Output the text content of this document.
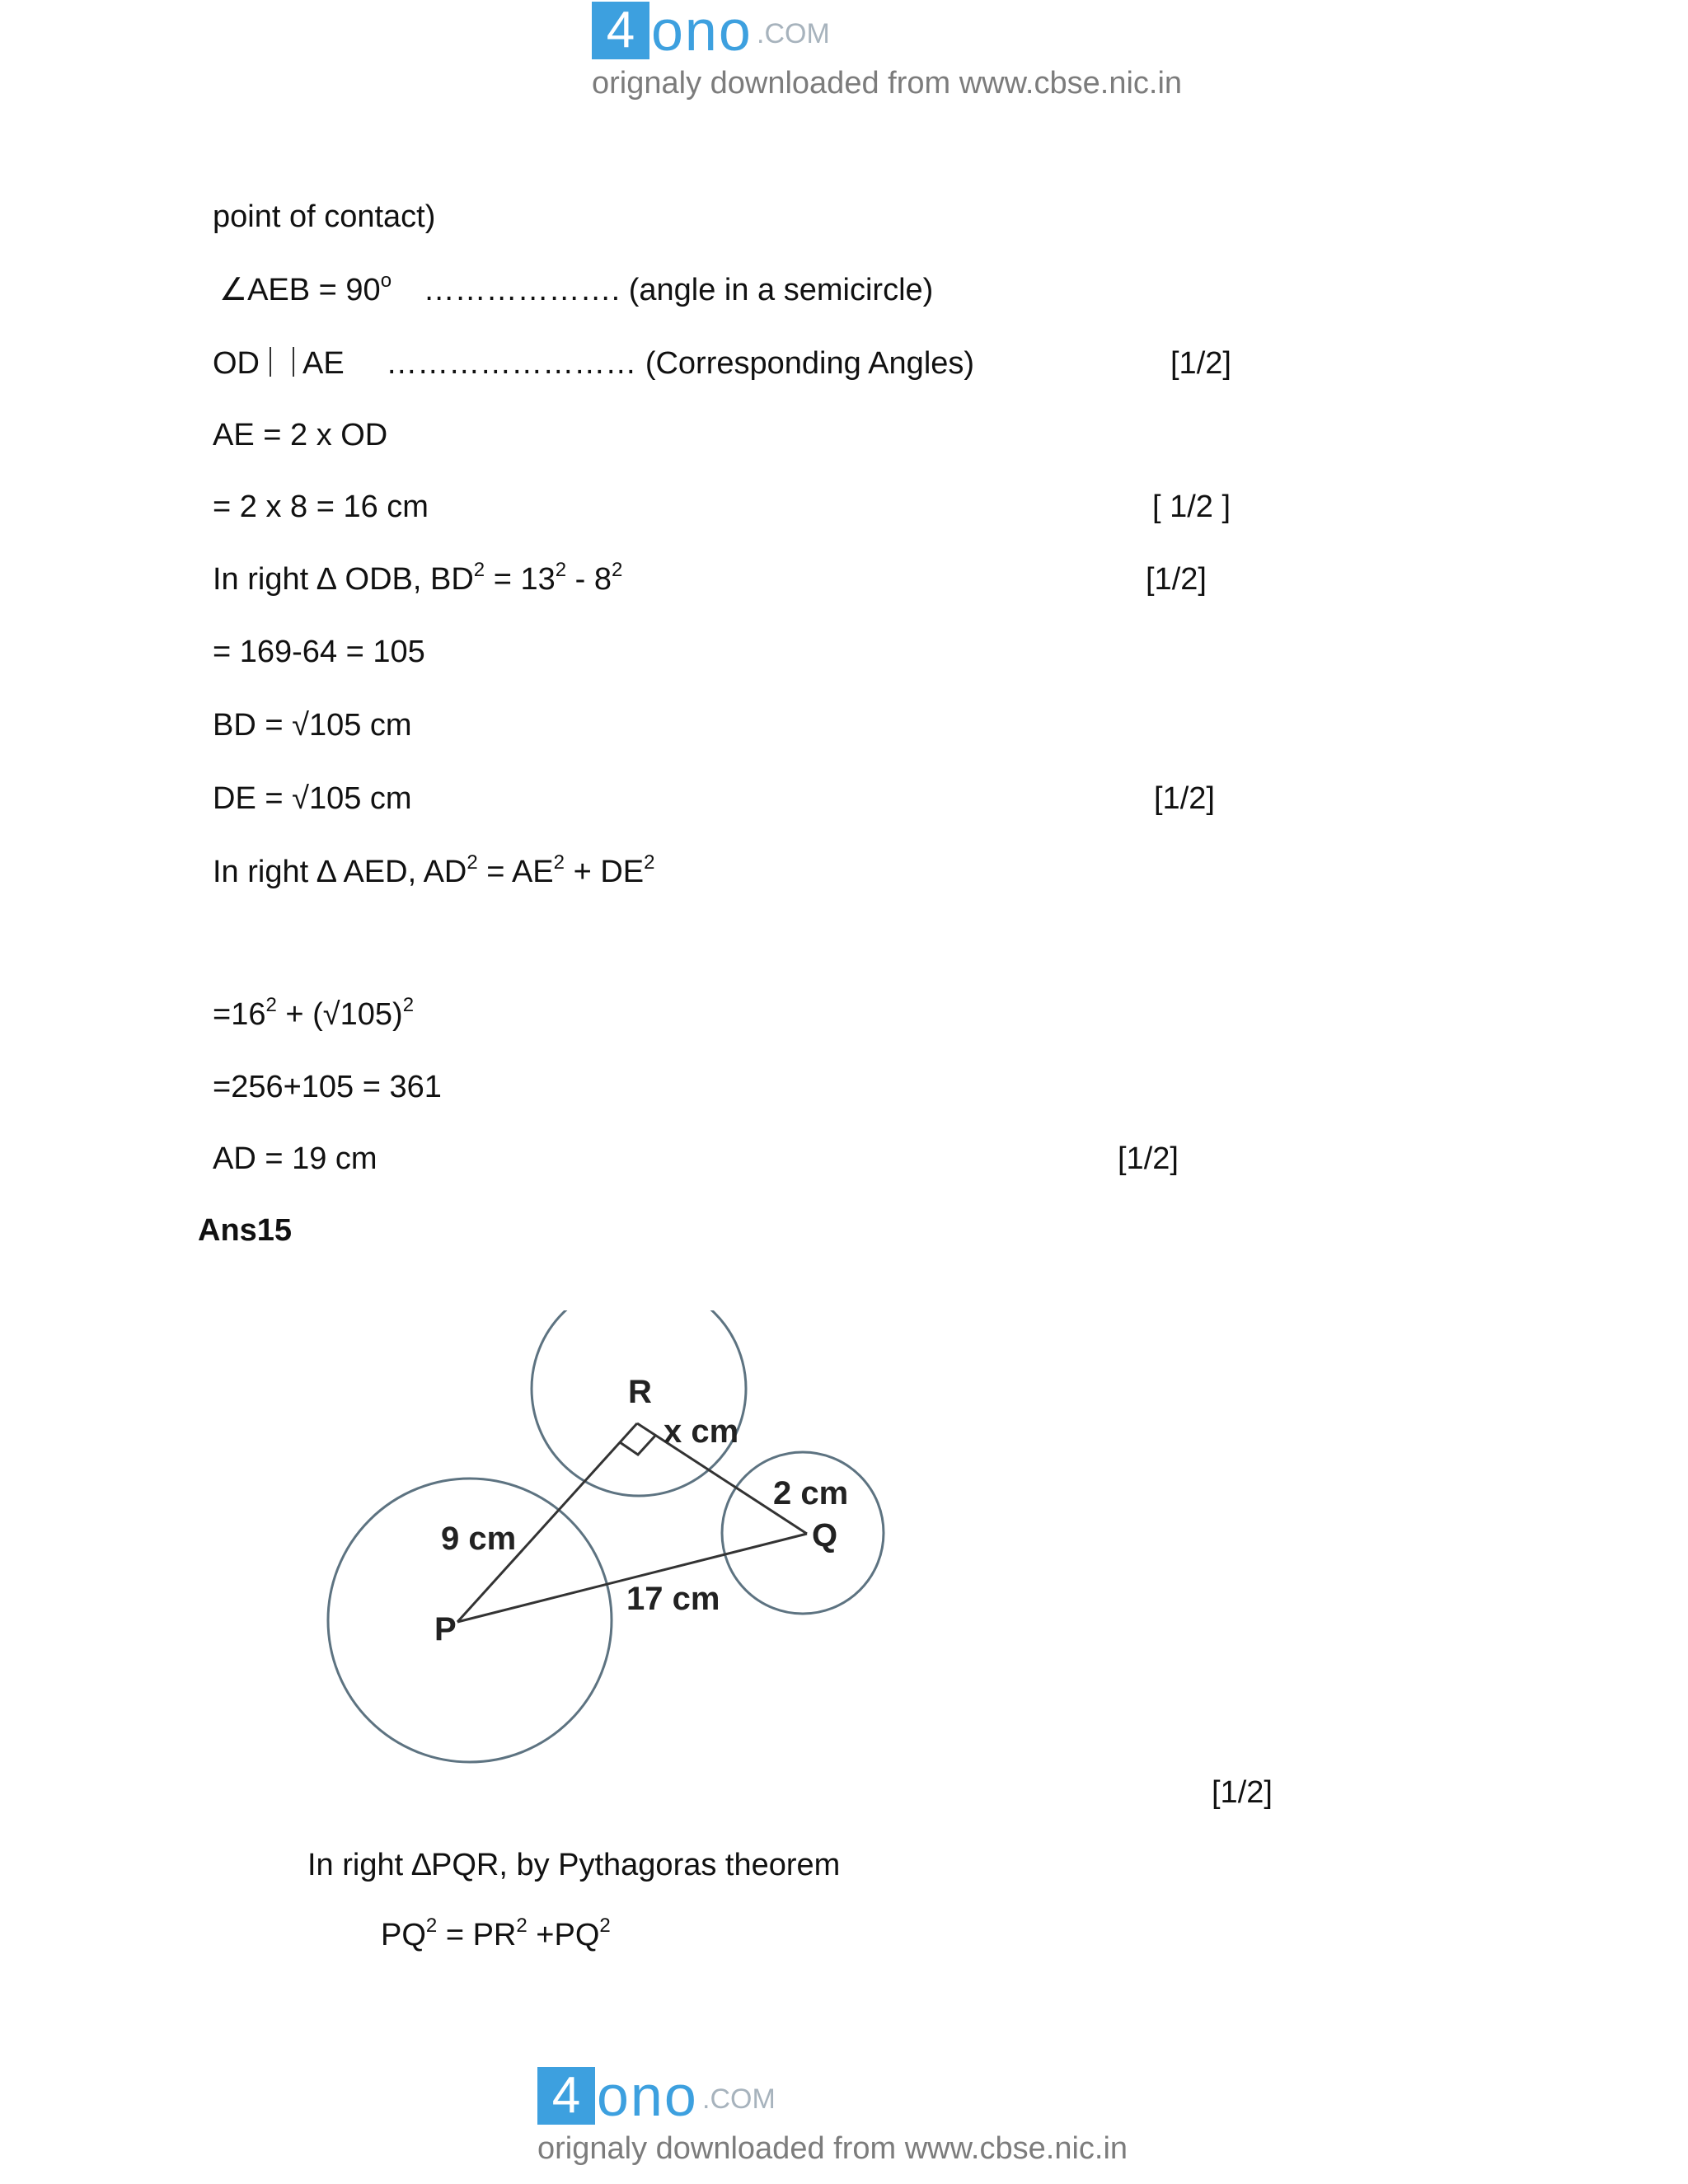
4 ono .COM
orignaly downloaded from www.cbse.nic.in
point of contact)
∠AEB = $90^o$ ………………. (angle in a semicircle)
OD AE …………………… (Corresponding Angles)	[1/2]
AE = 2 x OD
= 2 x 8 = 16 cm	[ 1/2 ]
In right ∆ ODB, $BD^2 = 13^2 - 8^2$	[1/2]
= 169-64 = 105
BD = √105 cm
DE = √105 cm	[1/2]
In right ∆ AED, $AD^2 = AE^2 + DE^2$
$=16^2 + (√105)^2$
=256+105 = 361
AD = 19 cm	[1/2]
Ans15
R
x cm
2 cm
Q
9 cm
17 cm
P
[1/2]
In right ∆PQR, by Pythagoras theorem
$PQ^2 = PR^2 +PQ^2$
4 ono .COM
orignaly downloaded from www.cbse.nic.in
